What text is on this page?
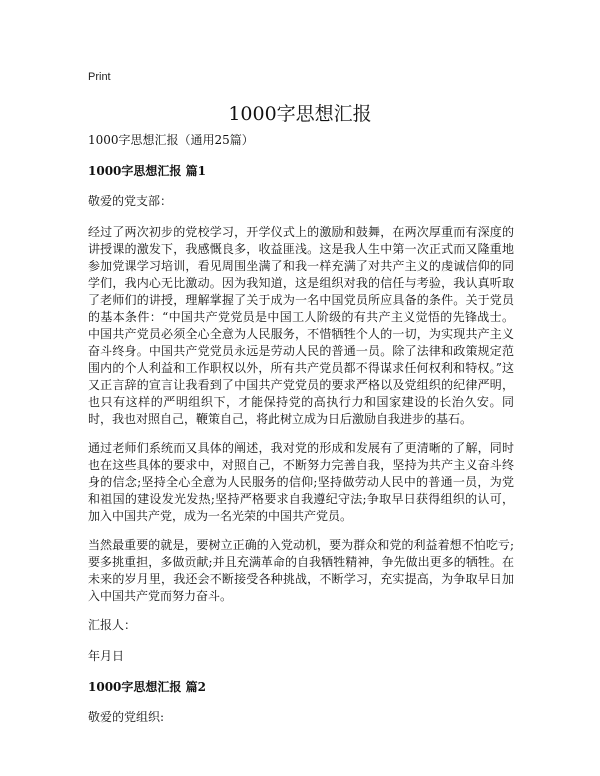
Print
1000字思想汇报

1000字思想汇报（通用25篇）

1000字思想汇报 篇1

敬爱的党支部：

经过了两次初步的党校学习，开学仪式上的激励和鼓舞，在两次厚重而有深度的讲授课的激发下，我感慨良多，收益匪浅。这是我人生中第一次正式而又隆重地参加党课学习培训，看见周围坐满了和我一样充满了对共产主义的虔诚信仰的同学们，我内心无比激动。因为我知道，这是组织对我的信任与考验，我认真听取了老师们的讲授，理解掌握了关于成为一名中国党员所应具备的条件。关于党员的基本条件：“中国共产党党员是中国工人阶级的有共产主义觉悟的先锋战士。中国共产党员必须全心全意为人民服务，不惜牺牲个人的一切，为实现共产主义奋斗终身。中国共产党党员永远是劳动人民的普通一员。除了法律和政策规定范围内的个人利益和工作职权以外，所有共产党员都不得谋求任何权利和特权。”这又正言辞的宣言让我看到了中国共产党党员的要求严格以及党组织的纪律严明，也只有这样的严明组织下，才能保持党的高执行力和国家建设的长治久安。同时，我也对照自己，鞭策自己，将此树立成为日后激励自我进步的基石。

通过老师们系统而又具体的阐述，我对党的形成和发展有了更清晰的了解，同时也在这些具体的要求中，对照自己，不断努力完善自我，坚持为共产主义奋斗终身的信念;坚持全心全意为人民服务的信仰;坚持做劳动人民中的普通一员，为党和祖国的建设发光发热;坚持严格要求自我遵纪守法;争取早日获得组织的认可，加入中国共产党，成为一名光荣的中国共产党员。

当然最重要的就是，要树立正确的入党动机，要为群众和党的利益着想不怕吃亏;要多挑重担，多做贡献;并且充满革命的自我牺牲精神，争先做出更多的牺牲。在未来的岁月里，我还会不断接受各种挑战，不断学习，充实提高，为争取早日加入中国共产党而努力奋斗。

汇报人：

年月日

1000字思想汇报 篇2

敬爱的党组织:
